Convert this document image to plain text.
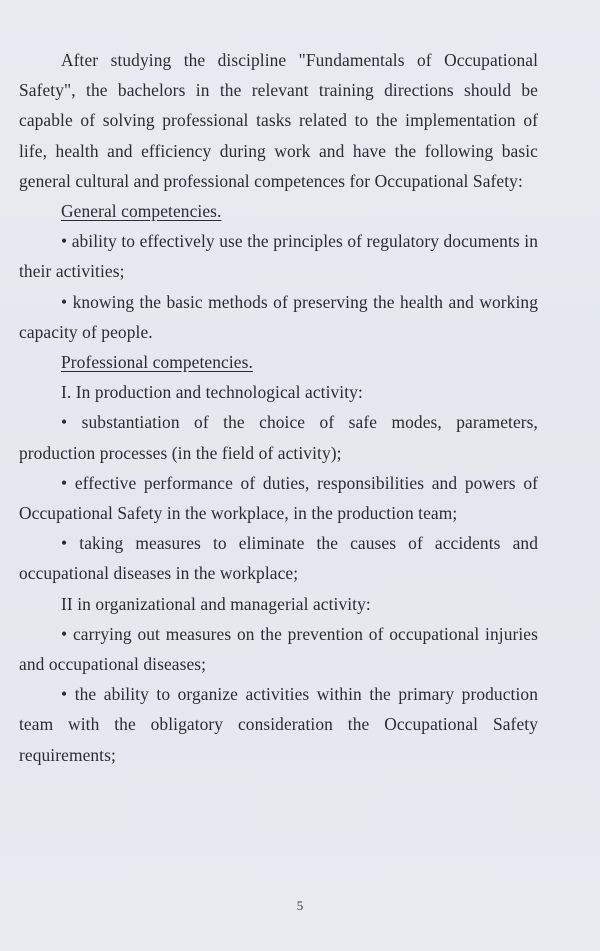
After studying the discipline "Fundamentals of Occupational Safety", the bachelors in the relevant training directions should be capable of solving professional tasks related to the implementation of life, health and efficiency during work and have the following basic general cultural and professional competences for Occupational Safety:

General competencies.

• ability to effectively use the principles of regulatory documents in their activities;

• knowing the basic methods of preserving the health and working capacity of people.

Professional competencies.

I. In production and technological activity:

• substantiation of the choice of safe modes, parameters, production processes (in the field of activity);

• effective performance of duties, responsibilities and powers of Occupational Safety in the workplace, in the production team;

• taking measures to eliminate the causes of accidents and occupational diseases in the workplace;

II in organizational and managerial activity:

• carrying out measures on the prevention of occupational injuries and occupational diseases;

• the ability to organize activities within the primary production team with the obligatory consideration the Occupational Safety requirements;

5
